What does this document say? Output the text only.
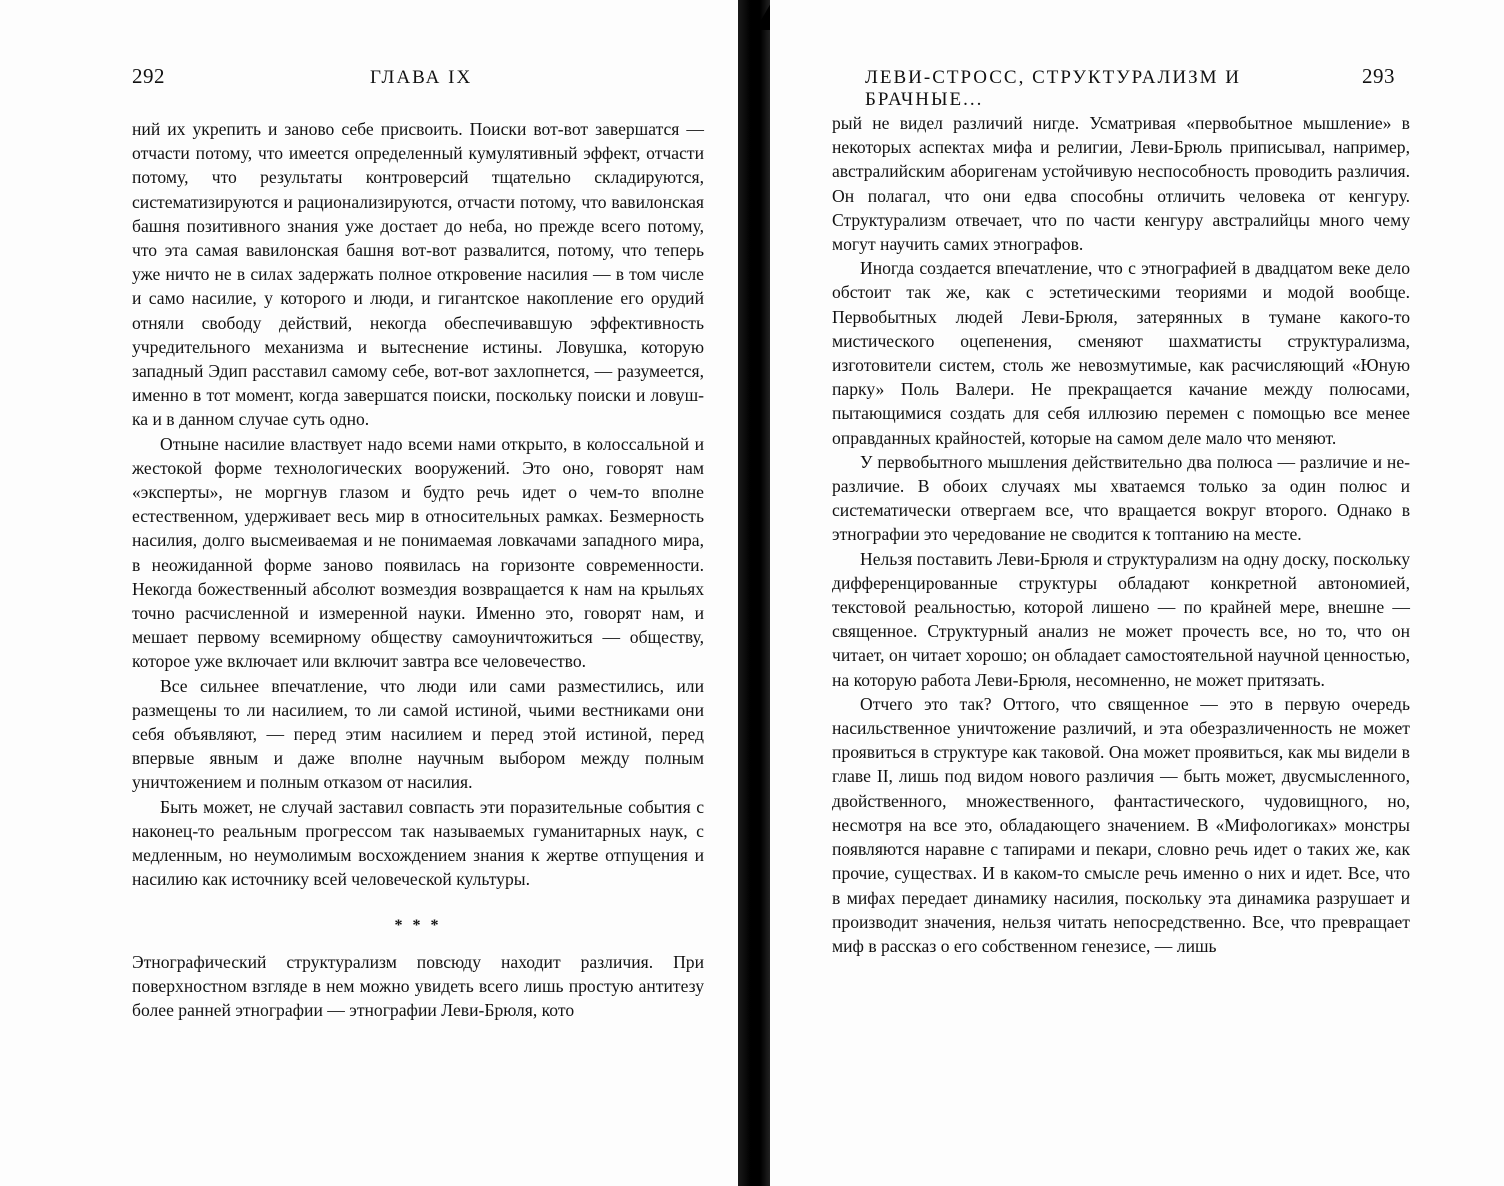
292	ГЛАВА IX

ний их укрепить и заново себе присвоить. Поиски вот-вот завершатся — отчасти потому, что имеется определенный кумулятивный эффект, отчасти потому, что результаты контроверсий тщательно складируются, систематизируются и рационализируются, отчасти потому, что вавилонская башня позитивного знания уже достает до неба, но прежде всего потому, что эта самая вавилонская башня вот-вот развалится, потому, что теперь уже ничто не в силах задержать полное откровение насилия — в том числе и само насилие, у которого и люди, и гигантское накопление его орудий отняли свободу действий, некогда обеспечивавшую эффективность учредительного механизма и вытеснение истины. Ловушка, которую западный Эдип расставил самому себе, вот-вот захлопнется, — разумеется, именно в тот момент, когда завершатся поиски, поскольку поиски и ловушка и в данном случае суть одно.

Отныне насилие властвует надо всеми нами открыто, в колоссальной и жестокой форме технологических вооружений. Это оно, говорят нам «эксперты», не моргнув глазом и будто речь идет о чем-то вполне естественном, удерживает весь мир в относительных рамках. Безмерность насилия, долго высмеиваемая и не понимаемая ловкачами западного мира, в неожиданной форме заново появилась на горизонте современности. Некогда божественный абсолют возмездия возвращается к нам на крыльях точно расчисленной и измеренной науки. Именно это, говорят нам, и мешает первому всемирному обществу самоуничтожиться — обществу, которое уже включает или включит завтра все человечество.

Все сильнее впечатление, что люди или сами разместились, или размещены то ли насилием, то ли самой истиной, чьими вестниками они себя объявляют, — перед этим насилием и перед этой истиной, перед впервые явным и даже вполне научным выбором между полным уничтожением и полным отказом от насилия.

Быть может, не случай заставил совпасть эти поразительные события с наконец-то реальным прогрессом так называемых гуманитарных наук, с медленным, но неумолимым восхождением знания к жертве отпущения и насилию как источнику всей человеческой культуры.

* * *

Этнографический структурализм повсюду находит различия. При поверхностном взгляде в нем можно увидеть всего лишь простую антитезу более ранней этнографии — этнографии Леви-Брюля, кото

ЛЕВИ-СТРОСС, СТРУКТУРАЛИЗМ И БРАЧНЫЕ...
293

рый не видел различий нигде. Усматривая «первобытное мышление» в некоторых аспектах мифа и религии, Леви-Брюль приписывал, например, австралийским аборигенам устойчивую неспособность проводить различия. Он полагал, что они едва способны отличить человека от кенгуру. Структурализм отвечает, что по части кенгуру австралийцы много чему могут научить самих этнографов.

Иногда создается впечатление, что с этнографией в двадцатом веке дело обстоит так же, как с эстетическими теориями и модой вообще. Первобытных людей Леви-Брюля, затерянных в тумане какого-то мистического оцепенения, сменяют шахматисты структурализма, изготовители систем, столь же невозмутимые, как расчисляющий «Юную парку» Поль Валери. Не прекращается качание между полюсами, пытающимися создать для себя иллюзию перемен с помощью все менее оправданных крайностей, которые на самом деле мало что меняют.

У первобытного мышления действительно два полюса — различие и не-различие. В обоих случаях мы хватаемся только за один полюс и систематически отвергаем все, что вращается вокруг второго. Однако в этнографии это чередование не сводится к топтанию на месте.

Нельзя поставить Леви-Брюля и структурализм на одну доску, поскольку дифференцированные структуры обладают конкретной автономией, текстовой реальностью, которой лишено — по крайней мере, внешне — священное. Структурный анализ не может прочесть все, но то, что он читает, он читает хорошо; он обладает самостоятельной научной ценностью, на которую работа Леви-Брюля, несомненно, не может притязать.

Отчего это так? Оттого, что священное — это в первую очередь насильственное уничтожение различий, и эта обезразличенность не может проявиться в структуре как таковой. Она может проявиться, как мы видели в главе II, лишь под видом нового различия — быть может, двусмысленного, двойственного, множественного, фантастического, чудовищного, но, несмотря на все это, обладающего значением. В «Мифологиках» монстры появляются наравне с тапирами и пекари, словно речь идет о таких же, как прочие, существах. И в каком-то смысле речь именно о них и идет. Все, что в мифах передает динамику насилия, поскольку эта динамика разрушает и производит значения, нельзя читать непосредственно. Все, что превращает миф в рассказ о его собственном генезисе, — лишь
